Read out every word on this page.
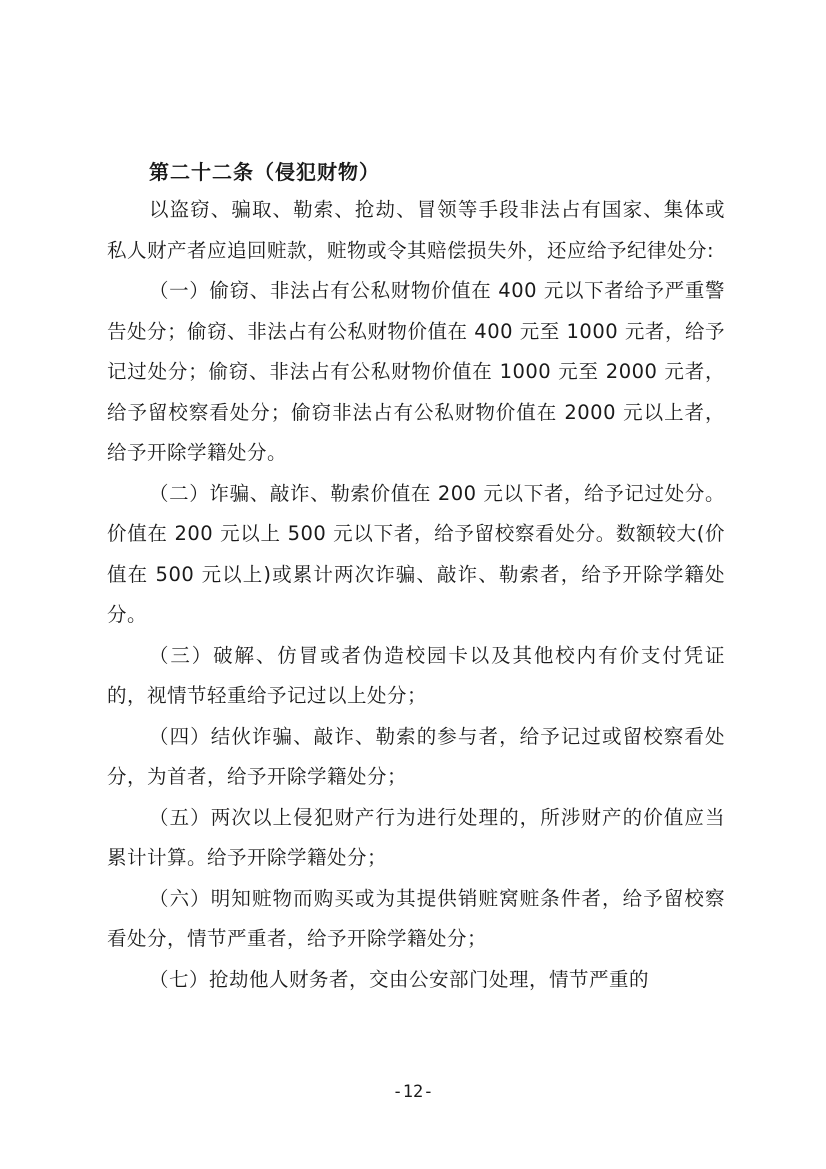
第二十二条（侵犯财物）

以盗窃、骗取、勒索、抢劫、冒领等手段非法占有国家、集体或私人财产者应追回赃款，赃物或令其赔偿损失外，还应给予纪律处分:

（一）偷窃、非法占有公私财物价值在 400 元以下者给予严重警告处分；偷窃、非法占有公私财物价值在 400 元至 1000 元者，给予记过处分；偷窃、非法占有公私财物价值在 1000 元至 2000 元者，给予留校察看处分；偷窃非法占有公私财物价值在 2000 元以上者，给予开除学籍处分。

（二）诈骗、敲诈、勒索价值在 200 元以下者，给予记过处分。价值在 200 元以上 500 元以下者，给予留校察看处分。数额较大(价值在 500 元以上)或累计两次诈骗、敲诈、勒索者，给予开除学籍处分。

（三）破解、仿冒或者伪造校园卡以及其他校内有价支付凭证的，视情节轻重给予记过以上处分；

（四）结伙诈骗、敲诈、勒索的参与者，给予记过或留校察看处分，为首者，给予开除学籍处分；

（五）两次以上侵犯财产行为进行处理的，所涉财产的价值应当累计计算。给予开除学籍处分；

（六）明知赃物而购买或为其提供销赃窝赃条件者，给予留校察看处分，情节严重者，给予开除学籍处分；

（七）抢劫他人财务者，交由公安部门处理，情节严重的

-12-
